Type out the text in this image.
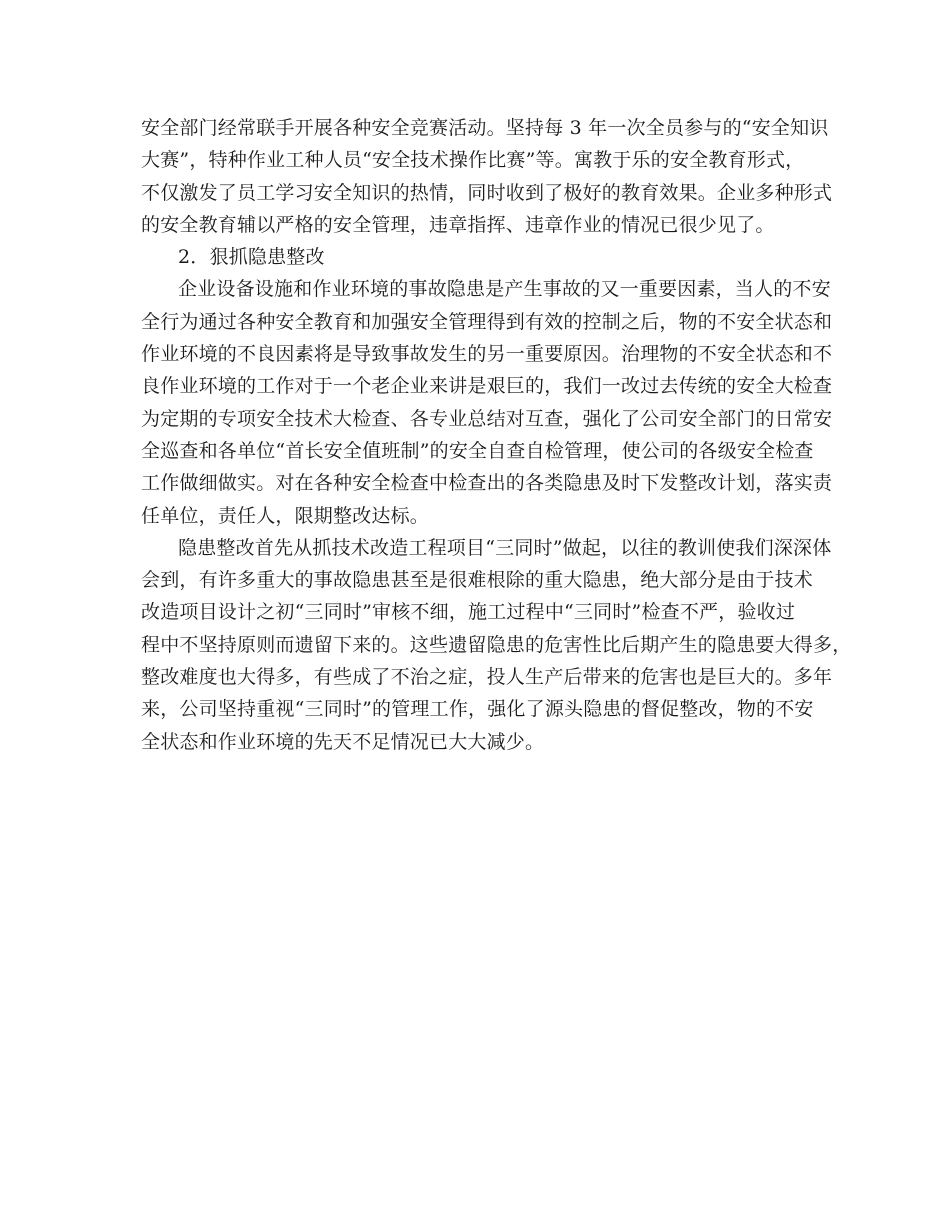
安全部门经常联手开展各种安全竞赛活动。坚持每 3 年一次全员参与的“安全知识
大赛”，特种作业工种人员“安全技术操作比赛”等。寓教于乐的安全教育形式，
不仅激发了员工学习安全知识的热情，同时收到了极好的教育效果。企业多种形式
的安全教育辅以严格的安全管理，违章指挥、违章作业的情况已很少见了。
2．狠抓隐患整改
企业设备设施和作业环境的事故隐患是产生事故的又一重要因素，当人的不安
全行为通过各种安全教育和加强安全管理得到有效的控制之后，物的不安全状态和
作业环境的不良因素将是导致事故发生的另一重要原因。治理物的不安全状态和不
良作业环境的工作对于一个老企业来讲是艰巨的，我们一改过去传统的安全大检查
为定期的专项安全技术大检查、各专业总结对互查，强化了公司安全部门的日常安
全巡查和各单位“首长安全值班制”的安全自查自检管理，使公司的各级安全检查
工作做细做实。对在各种安全检查中检查出的各类隐患及时下发整改计划，落实责
任单位，责任人，限期整改达标。
隐患整改首先从抓技术改造工程项目“三同时”做起，以往的教训使我们深深体
会到，有许多重大的事故隐患甚至是很难根除的重大隐患，绝大部分是由于技术
改造项目设计之初“三同时”审核不细，施工过程中“三同时”检查不严，验收过
程中不坚持原则而遗留下来的。这些遗留隐患的危害性比后期产生的隐患要大得多，
整改难度也大得多，有些成了不治之症，投人生产后带来的危害也是巨大的。多年
来，公司坚持重视“三同时”的管理工作，强化了源头隐患的督促整改，物的不安
全状态和作业环境的先天不足情况已大大减少。
